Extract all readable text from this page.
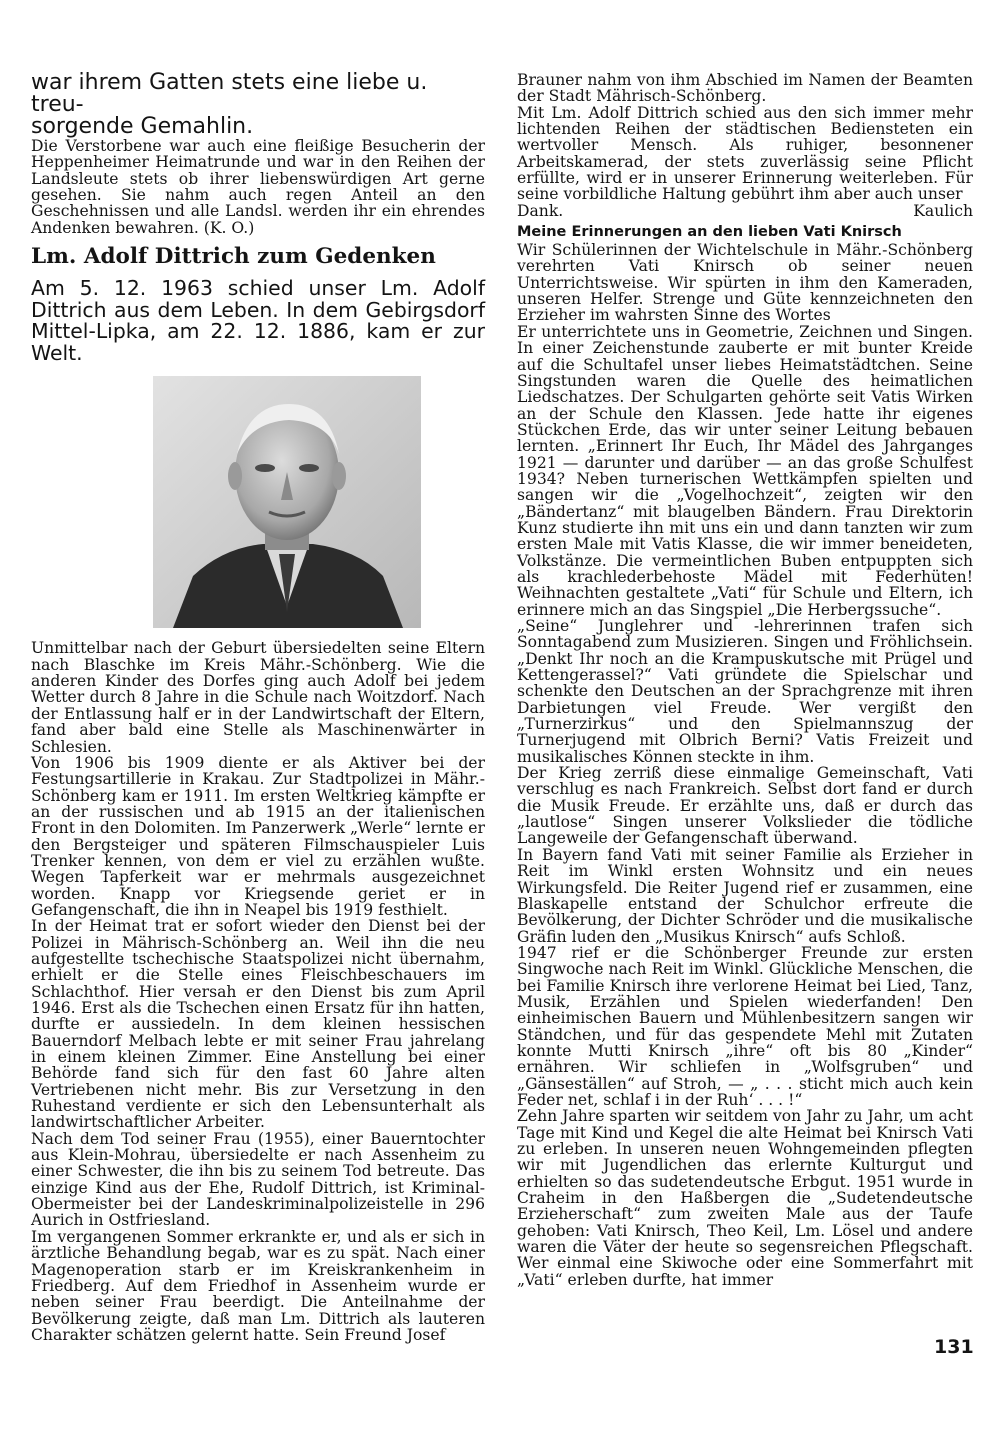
war ihrem Gatten stets eine liebe u. treu-
sorgende Gemahlin.

Die Verstorbene war auch eine fleißige Besucherin der Heppenheimer Heimatrunde und war in den Reihen der Landsleute stets ob ihrer liebenswürdigen Art gerne gesehen. Sie nahm auch regen Anteil an den Geschehnissen und alle Landsl. werden ihr ein ehrendes Andenken bewahren. (K. O.)

Lm. Adolf Dittrich zum Gedenken

Am 5. 12. 1963 schied unser Lm. Adolf Dittrich aus dem Leben. In dem Gebirgsdorf Mittel-Lipka, am 22. 12. 1886, kam er zur Welt.

Unmittelbar nach der Geburt übersiedelten seine Eltern nach Blaschke im Kreis Mähr.-Schönberg. Wie die anderen Kinder des Dorfes ging auch Adolf bei jedem Wetter durch 8 Jahre in die Schule nach Woitzdorf. Nach der Entlassung half er in der Landwirtschaft der Eltern, fand aber bald eine Stelle als Maschinenwärter in Schlesien.

Von 1906 bis 1909 diente er als Aktiver bei der Festungsartillerie in Krakau. Zur Stadtpolizei in Mähr.-Schönberg kam er 1911. Im ersten Weltkrieg kämpfte er an der russischen und ab 1915 an der italienischen Front in den Dolomiten. Im Panzerwerk „Werle“ lernte er den Bergsteiger und späteren Filmschauspieler Luis Trenker kennen, von dem er viel zu erzählen wußte. Wegen Tapferkeit war er mehrmals ausgezeichnet worden. Knapp vor Kriegsende geriet er in Gefangenschaft, die ihn in Neapel bis 1919 festhielt.

In der Heimat trat er sofort wieder den Dienst bei der Polizei in Mährisch-Schönberg an. Weil ihn die neu aufgestellte tschechische Staatspolizei nicht übernahm, erhielt er die Stelle eines Fleischbeschauers im Schlachthof. Hier versah er den Dienst bis zum April 1946. Erst als die Tschechen einen Ersatz für ihn hatten, durfte er aussiedeln. In dem kleinen hessischen Bauerndorf Melbach lebte er mit seiner Frau jahrelang in einem kleinen Zimmer. Eine Anstellung bei einer Behörde fand sich für den fast 60 Jahre alten Vertriebenen nicht mehr. Bis zur Versetzung in den Ruhestand verdiente er sich den Lebensunterhalt als landwirtschaftlicher Arbeiter.

Nach dem Tod seiner Frau (1955), einer Bauerntochter aus Klein-Mohrau, übersiedelte er nach Assenheim zu einer Schwester, die ihn bis zu seinem Tod betreute. Das einzige Kind aus der Ehe, Rudolf Dittrich, ist Kriminal-Obermeister bei der Landeskriminalpolizeistelle in 296 Aurich in Ostfriesland.

Im vergangenen Sommer erkrankte er, und als er sich in ärztliche Behandlung begab, war es zu spät. Nach einer Magenoperation starb er im Kreiskrankenheim in Friedberg. Auf dem Friedhof in Assenheim wurde er neben seiner Frau beerdigt. Die Anteilnahme der Bevölkerung zeigte, daß man Lm. Dittrich als lauteren Charakter schätzen gelernt hatte. Sein Freund Josef

Brauner nahm von ihm Abschied im Namen der Beamten der Stadt Mährisch-Schönberg.

Mit Lm. Adolf Dittrich schied aus den sich immer mehr lichtenden Reihen der städtischen Bediensteten ein wertvoller Mensch. Als ruhiger, besonnener Arbeitskamerad, der stets zuverlässig seine Pflicht erfüllte, wird er in unserer Erinnerung weiterleben. Für seine vorbildliche Haltung gebührt ihm aber auch unser

Dank.	Kaulich
Meine Erinnerungen an den lieben Vati Knirsch

Wir Schülerinnen der Wichtelschule in Mähr.-Schönberg verehrten Vati Knirsch ob seiner neuen Unterrichtsweise. Wir spürten in ihm den Kameraden, unseren Helfer. Strenge und Güte kennzeichneten den Erzieher im wahrsten Sinne des Wortes

Er unterrichtete uns in Geometrie, Zeichnen und Singen. In einer Zeichenstunde zauberte er mit bunter Kreide auf die Schultafel unser liebes Heimatstädtchen. Seine Singstunden waren die Quelle des heimatlichen Liedschatzes. Der Schulgarten gehörte seit Vatis Wirken an der Schule den Klassen. Jede hatte ihr eigenes Stückchen Erde, das wir unter seiner Leitung bebauen lernten. „Erinnert Ihr Euch, Ihr Mädel des Jahrganges 1921 — darunter und darüber — an das große Schulfest 1934? Neben turnerischen Wettkämpfen spielten und sangen wir die „Vogelhochzeit“, zeigten wir den „Bändertanz“ mit blaugelben Bändern. Frau Direktorin Kunz studierte ihn mit uns ein und dann tanzten wir zum ersten Male mit Vatis Klasse, die wir immer beneideten, Volkstänze. Die vermeintlichen Buben entpuppten sich als krachlederbehoste Mädel mit Federhüten! Weihnachten gestaltete „Vati“ für Schule und Eltern, ich erinnere mich an das Singspiel „Die Herbergssuche“.

„Seine“ Junglehrer und -lehrerinnen trafen sich Sonntagabend zum Musizieren. Singen und Fröhlichsein. „Denkt Ihr noch an die Krampuskutsche mit Prügel und Kettengerassel?“ Vati gründete die Spielschar und schenkte den Deutschen an der Sprachgrenze mit ihren Darbietungen viel Freude. Wer vergißt den „Turnerzirkus“ und den Spielmannszug der Turnerjugend mit Olbrich Berni? Vatis Freizeit und musikalisches Können steckte in ihm.

Der Krieg zerriß diese einmalige Gemeinschaft, Vati verschlug es nach Frankreich. Selbst dort fand er durch die Musik Freude. Er erzählte uns, daß er durch das „lautlose“ Singen unserer Volkslieder die tödliche Langeweile der Gefangenschaft überwand.

In Bayern fand Vati mit seiner Familie als Erzieher in Reit im Winkl ersten Wohnsitz und ein neues Wirkungsfeld. Die Reiter Jugend rief er zusammen, eine Blaskapelle entstand der Schulchor erfreute die Bevölkerung, der Dichter Schröder und die musikalische Gräfin luden den „Musikus Knirsch“ aufs Schloß.

1947 rief er die Schönberger Freunde zur ersten Singwoche nach Reit im Winkl. Glückliche Menschen, die bei Familie Knirsch ihre verlorene Heimat bei Lied, Tanz, Musik, Erzählen und Spielen wiederfanden! Den einheimischen Bauern und Mühlenbesitzern sangen wir Ständchen, und für das gespendete Mehl mit Zutaten konnte Mutti Knirsch „ihre“ oft bis 80 „Kinder“ ernähren. Wir schliefen in „Wolfsgruben“ und „Gänseställen“ auf Stroh, — „ . . . sticht mich auch kein Feder net, schlaf i in der Ruh‘ . . . !“

Zehn Jahre sparten wir seitdem von Jahr zu Jahr, um acht Tage mit Kind und Kegel die alte Heimat bei Knirsch Vati zu erleben. In unseren neuen Wohngemeinden pflegten wir mit Jugendlichen das erlernte Kulturgut und erhielten so das sudetendeutsche Erbgut. 1951 wurde in Craheim in den Haßbergen die „Sudetendeutsche Erzieherschaft“ zum zweiten Male aus der Taufe gehoben: Vati Knirsch, Theo Keil, Lm. Lösel und andere waren die Väter der heute so segensreichen Pflegschaft. Wer einmal eine Skiwoche oder eine Sommerfahrt mit „Vati“ erleben durfte, hat immer

131
